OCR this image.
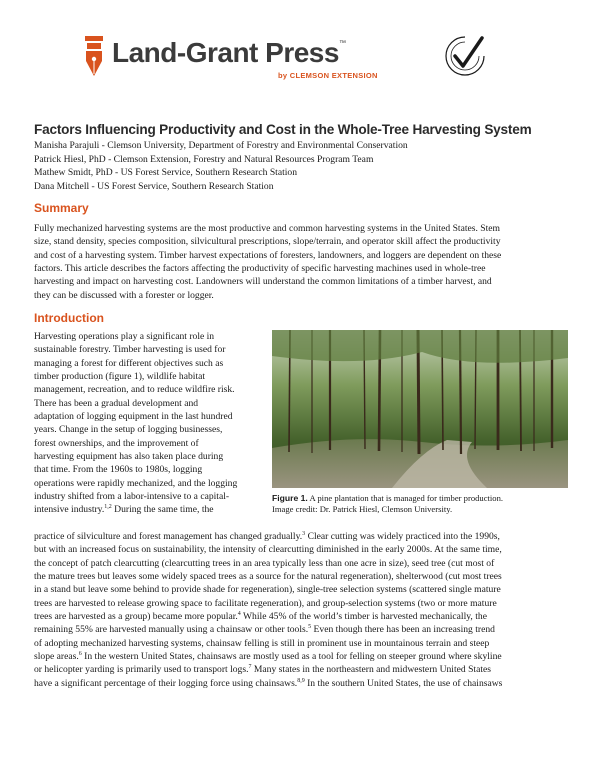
Land-Grant Press ™
by CLEMSON EXTENSION
Factors Influencing Productivity and Cost in the Whole-Tree Harvesting System
Manisha Parajuli - Clemson University, Department of Forestry and Environmental Conservation
Patrick Hiesl, PhD - Clemson Extension, Forestry and Natural Resources Program Team
Mathew Smidt, PhD - US Forest Service, Southern Research Station
Dana Mitchell - US Forest Service, Southern Research Station
Summary
Fully mechanized harvesting systems are the most productive and common harvesting systems in the United States. Stem
size, stand density, species composition, silvicultural prescriptions, slope/terrain, and operator skill affect the productivity
and cost of a harvesting system. Timber harvest expectations of foresters, landowners, and loggers are dependent on these
factors. This article describes the factors affecting the productivity of specific harvesting machines used in whole-tree
harvesting and impact on harvesting cost. Landowners will understand the common limitations of a timber harvest, and
they can be discussed with a forester or logger.
Introduction
Harvesting operations play a significant role in
sustainable forestry. Timber harvesting is used for
managing a forest for different objectives such as
timber production (figure 1), wildlife habitat
management, recreation, and to reduce wildfire risk.
There has been a gradual development and
adaptation of logging equipment in the last hundred
years. Change in the setup of logging businesses,
forest ownerships, and the improvement of
harvesting equipment has also taken place during
that time. From the 1960s to 1980s, logging
operations were rapidly mechanized, and the logging
industry shifted from a labor-intensive to a capital-
intensive industry.$^{1,2}$ During the same time, the
Figure 1. A pine plantation that is managed for timber production.
Image credit: Dr. Patrick Hiesl, Clemson University.
practice of silviculture and forest management has changed gradually.$^3$ Clear cutting was widely practiced into the 1990s,
but with an increased focus on sustainability, the intensity of clearcutting diminished in the early 2000s. At the same time,
the concept of patch clearcutting (clearcutting trees in an area typically less than one acre in size), seed tree (cut most of
the mature trees but leaves some widely spaced trees as a source for the natural regeneration), shelterwood (cut most trees
in a stand but leave some behind to provide shade for regeneration), single-tree selection systems (scattered single mature
trees are harvested to release growing space to facilitate regeneration), and group-selection systems (two or more mature
trees are harvested as a group) became more popular.$^4$ While 45% of the world’s timber is harvested mechanically, the
remaining 55% are harvested manually using a chainsaw or other tools.$^5$ Even though there has been an increasing trend
of adopting mechanized harvesting systems, chainsaw felling is still in prominent use in mountainous terrain and steep
slope areas.$^6$ In the western United States, chainsaws are mostly used as a tool for felling on steeper ground where skyline
or helicopter yarding is primarily used to transport logs.$^7$ Many states in the northeastern and midwestern United States
have a significant percentage of their logging force using chainsaws.$^{8,9}$ In the southern United States, the use of chainsaws
